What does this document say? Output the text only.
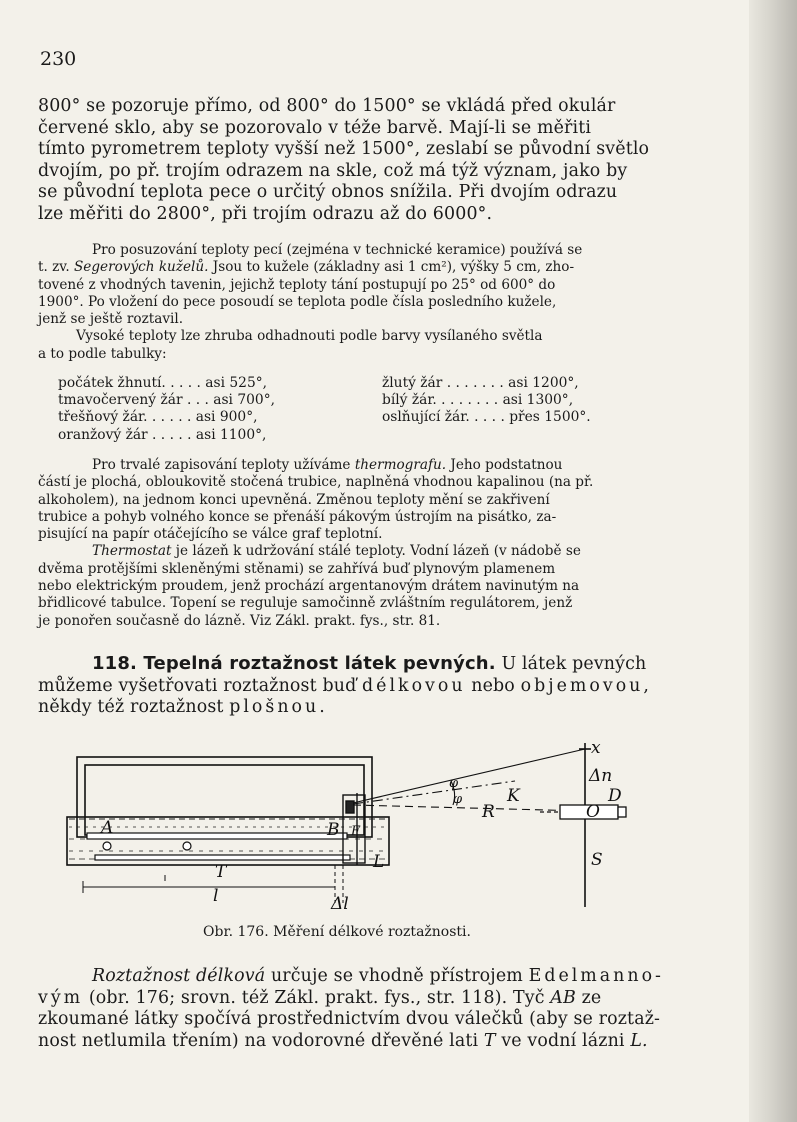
230
800° se pozoruje přímo, od 800° do 1500° se vkládá před okulár
červené sklo, aby se pozorovalo v téže barvě. Mají-li se měřiti
tímto pyrometrem teploty vyšší než 1500°, zeslabí se původní světlo
dvojím, po př. trojím odrazem na skle, což má týž význam, jako by
se původní teplota pece o určitý obnos snížila. Při dvojím odrazu
lze měřiti do 2800°, při trojím odrazu až do 6000°.
Pro posuzování teploty pecí (zejména v technické keramice) používá se
t. zv. Segerových kuželů. Jsou to kužele (základny asi 1 cm²), výšky 5 cm, zho-
tovené z vhodných tavenin, jejichž teploty tání postupují po 25° od 600° do
1900°. Po vložení do pece posoudí se teplota podle čísla posledního kužele,
jenž se ještě roztavil.
Vysoké teploty lze zhruba odhadnouti podle barvy vysílaného světla
a to podle tabulky:
počátek žhnutí. . . . . asi 525°,	žlutý žár . . . . . . . asi 1200°,
tmavočervený žár . . . asi 700°,	bílý žár. . . . . . . . asi 1300°,
třešňový žár. . . . . . asi 900°,	oslňující žár. . . . . přes 1500°.
oranžový žár . . . . . asi 1100°,
Pro trvalé zapisování teploty užíváme thermografu. Jeho podstatnou
částí je plochá, obloukovitě stočená trubice, naplněná vhodnou kapalinou (na př.
alkoholem), na jednom konci upevněná. Změnou teploty mění se zakřivení
trubice a pohyb volného konce se přenáší pákovým ústrojím na pisátko, za-
pisující na papír otáčejícího se válce graf teplotní.
Thermostat je lázeň k udržování stálé teploty. Vodní lázeň (v nádobě se
dvěma protějšími skleněnými stěnami) se zahřívá buď plynovým plamenem
nebo elektrickým proudem, jenž prochází argentanovým drátem navinutým na
břidlicové tabulce. Topení se reguluje samočinně zvláštním regulátorem, jenž
je ponořen současně do lázně. Viz Zákl. prakt. fys., str. 81.
118. Tepelná roztažnost látek pevných. U látek pevných
můžeme vyšetřovati roztažnost buď délkovou nebo objemovou,
někdy též roztažnost plošnou.
x
Δn
D
O
S
K
R
φ
φ
A	B F
T	L
l	Δl
Obr. 176. Měření délkové roztažnosti.
Roztažnost délková určuje se vhodně přístrojem Edelmanno-
vým (obr. 176; srovn. též Zákl. prakt. fys., str. 118). Tyč AB ze
zkoumané látky spočívá prostřednictvím dvou válečků (aby se roztaž-
nost netlumila třením) na vodorovné dřevěné lati T ve vodní lázni L.
